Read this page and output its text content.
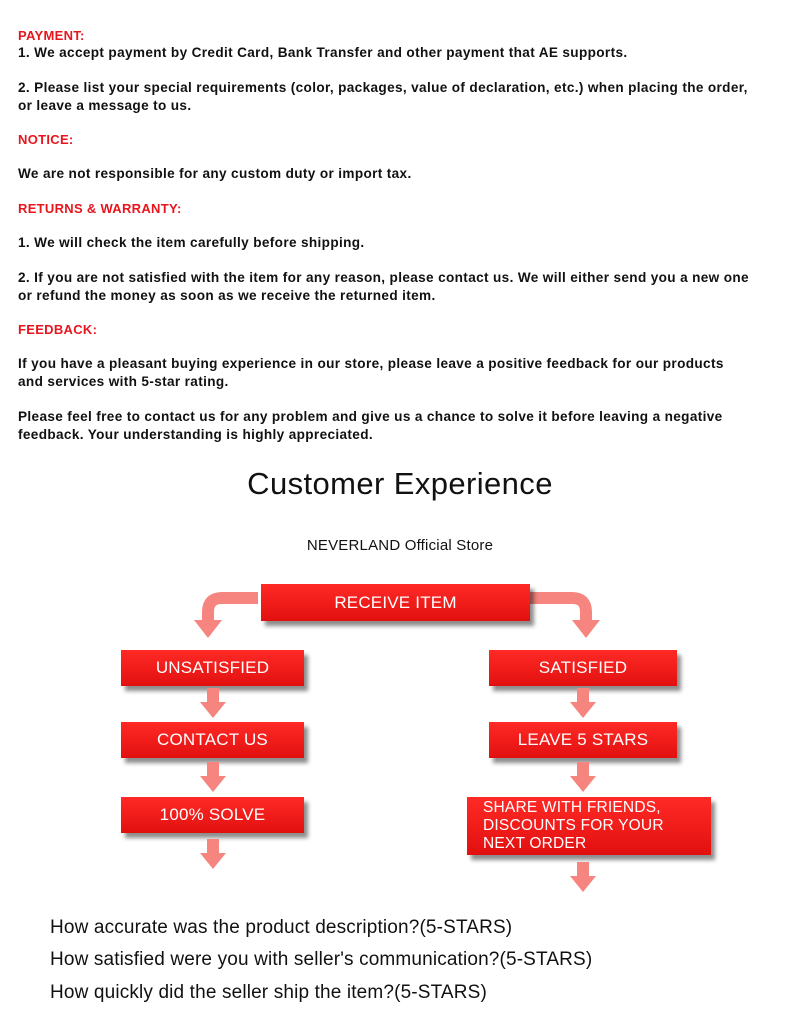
PAYMENT:
1. We accept payment by Credit Card, Bank Transfer and other payment that AE supports.
2. Please list your special requirements (color, packages, value of declaration, etc.) when placing the order,
or leave a message to us.
NOTICE:
We are not responsible for any custom duty or import tax.
RETURNS & WARRANTY:
1. We will check the item carefully before shipping.
2. If you are not satisfied with the item for any reason, please contact us. We will either send you a new one
or refund the money as soon as we receive the returned item.
FEEDBACK:
If you have a pleasant buying experience in our store, please leave a positive feedback for our products
and services with 5-star rating.
Please feel free to contact us for any problem and give us a chance to solve it before leaving a negative
feedback. Your understanding is highly appreciated.
Customer Experience
NEVERLAND Official Store
RECEIVE ITEM
UNSATISFIED
CONTACT US
100% SOLVE
SATISFIED
LEAVE 5 STARS
SHARE WITH FRIENDS,
DISCOUNTS FOR YOUR
NEXT ORDER
How accurate was the product description?(5-STARS)
How satisfied were you with seller's communication?(5-STARS)
How quickly did the seller ship the item?(5-STARS)
